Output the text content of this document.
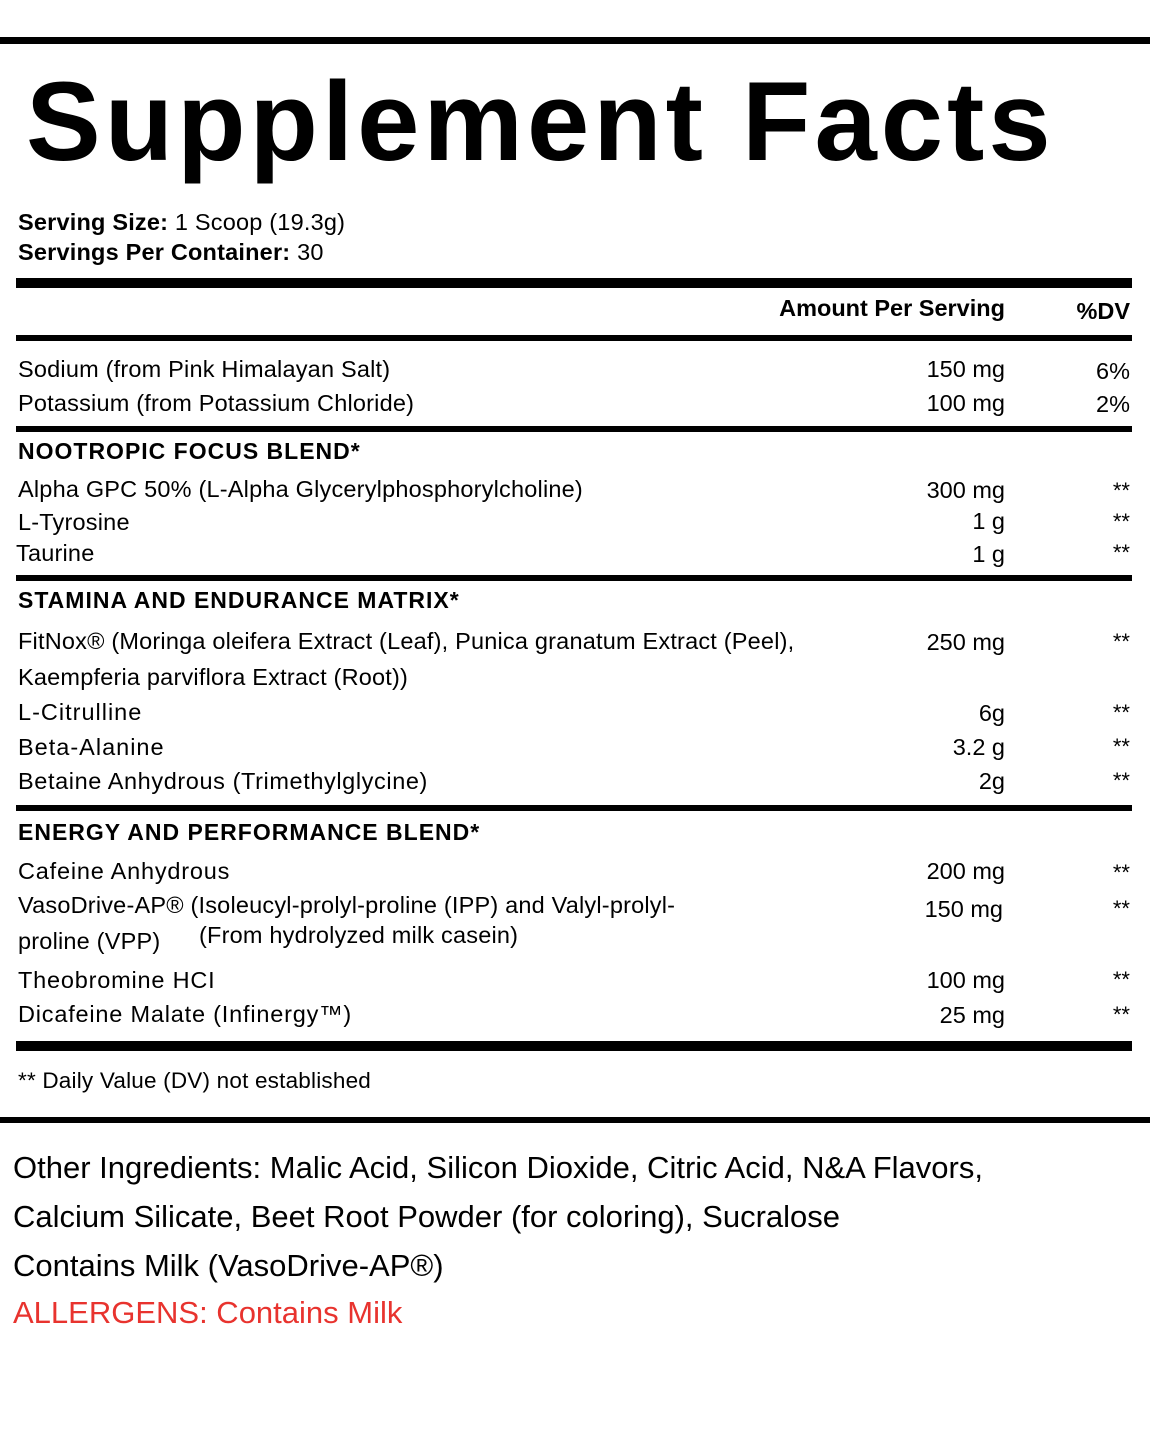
Supplement Facts
Serving Size: 1 Scoop (19.3g)
Servings Per Container: 30
Amount Per Serving	%DV
Sodium (from Pink Himalayan Salt)	150 mg	6%
Potassium (from Potassium Chloride)	100 mg	2%
NOOTROPIC FOCUS BLEND*
Alpha GPC 50% (L-Alpha Glycerylphosphorylcholine)	300 mg	**
L-Tyrosine	1 g	**
Taurine	1 g	**
STAMINA AND ENDURANCE MATRIX*
FitNox® (Moringa oleifera Extract (Leaf), Punica granatum Extract (Peel),
Kaempferia parviflora Extract (Root))
250 mg	**
L-Citrulline	6g	**
Beta-Alanine	3.2 g	**
Betaine Anhydrous (Trimethylglycine)	2g	**
ENERGY AND PERFORMANCE BLEND*
Cafeine Anhydrous	200 mg	**
VasoDrive-AP® (Isoleucyl-prolyl-proline (IPP) and Valyl-prolyl-
proline (VPP) (From hydrolyzed milk casein)
150 mg	**
Theobromine HCI	100 mg	**
Dicafeine Malate (Infinergy™)	25 mg	**
** Daily Value (DV) not established
Other Ingredients: Malic Acid, Silicon Dioxide, Citric Acid, N&A Flavors,
Calcium Silicate, Beet Root Powder (for coloring), Sucralose
Contains Milk (VasoDrive-AP®)
ALLERGENS: Contains Milk
